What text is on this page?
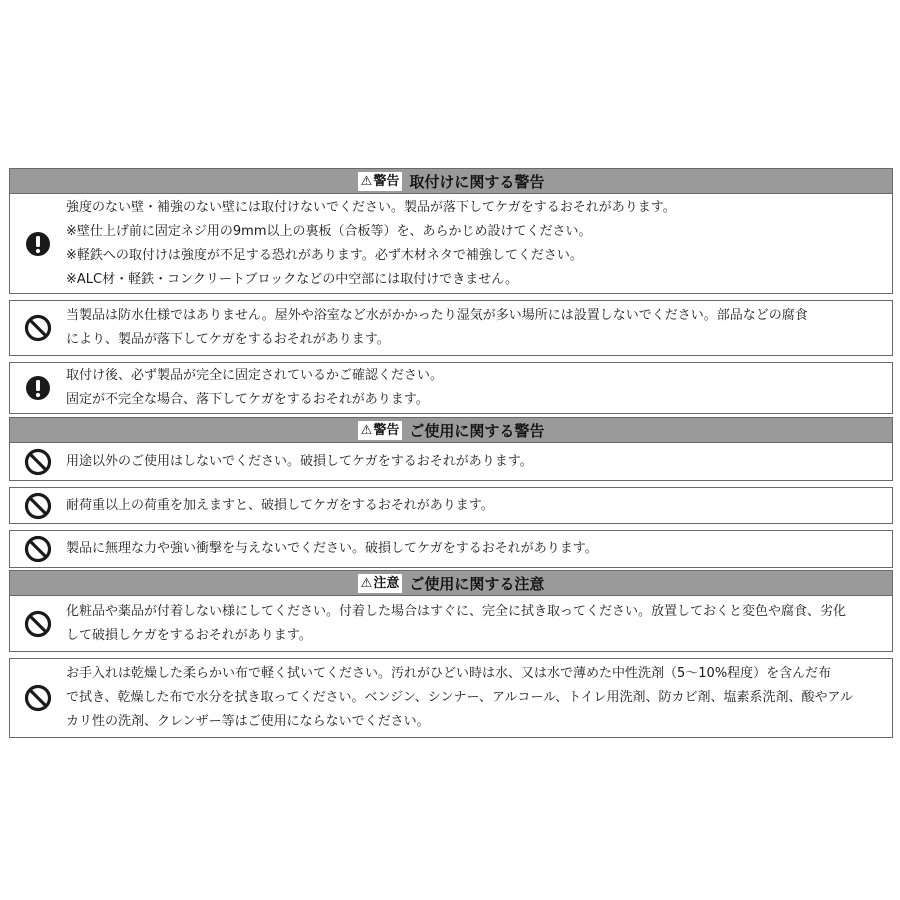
⚠ 警告 取付けに関する警告
強度のない壁・補強のない壁には取付けないでください。製品が落下してケガをするおそれがあります。
※壁仕上げ前に固定ネジ用の9mm以上の裏板（合板等）を、あらかじめ設けてください。
※軽鉄への取付けは強度が不足する恐れがあります。必ず木材ネタで補強してください。
※ALC材・軽鉄・コンクリートブロックなどの中空部には取付けできません。
当製品は防水仕様ではありません。屋外や浴室など水がかかったり湿気が多い場所には設置しないでください。部品などの腐食
により、製品が落下してケガをするおそれがあります。
取付け後、必ず製品が完全に固定されているかご確認ください。
固定が不完全な場合、落下してケガをするおそれがあります。
⚠ 警告 ご使用に関する警告
用途以外のご使用はしないでください。破損してケガをするおそれがあります。
耐荷重以上の荷重を加えますと、破損してケガをするおそれがあります。
製品に無理な力や強い衝撃を与えないでください。破損してケガをするおそれがあります。
⚠ 注意 ご使用に関する注意
化粧品や薬品が付着しない様にしてください。付着した場合はすぐに、完全に拭き取ってください。放置しておくと変色や腐食、劣化
して破損しケガをするおそれがあります。
お手入れは乾燥した柔らかい布で軽く拭いてください。汚れがひどい時は水、又は水で薄めた中性洗剤（5〜10%程度）を含んだ布
で拭き、乾燥した布で水分を拭き取ってください。ベンジン、シンナー、アルコール、トイレ用洗剤、防カビ剤、塩素系洗剤、酸やアル
カリ性の洗剤、クレンザー等はご使用にならないでください。
